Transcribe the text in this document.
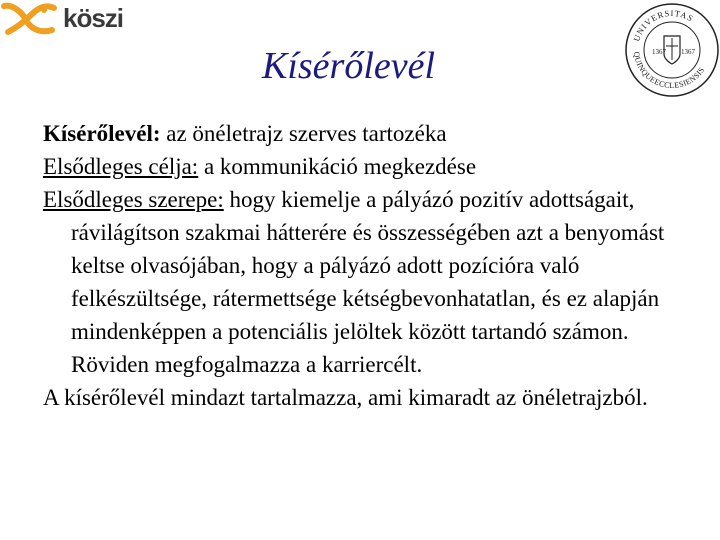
köszi
UNIVERSITAS
QUINQUEECCLESIENSIS
1367 1367
Kísérőlevél

Kísérőlevél: az önéletrajz szerves tartozéka

Elsődleges célja: a kommunikáció megkezdése

Elsődleges szerepe: hogy kiemelje a pályázó pozitív adottságait, rávilágítson szakmai hátterére és összességében azt a benyomást keltse olvasójában, hogy a pályázó adott pozícióra való felkészültsége, rátermettsége kétségbevonhatatlan, és ez alapján mindenképpen a potenciális jelöltek között tartandó számon. Röviden megfogalmazza a karriercélt.

A kísérőlevél mindazt tartalmazza, ami kimaradt az önéletrajzból.
